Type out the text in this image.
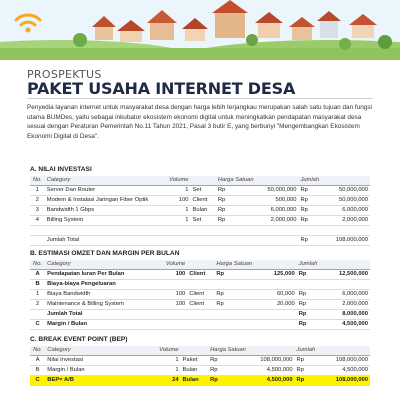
PROSPEKTUS
PAKET USAHA INTERNET DESA
Penyedia layanan internet untuk masyarakat desa dengan harga lebih terjangkau merupakan salah satu tujuan dan fungsi utama BUMDes, yaitu sebagai inkubator ekosistem ekonomi digital untuk meningkatkan pendapatan masyarakat desa sesuai dengan Peraturan Pemerintah No.11 Tahun 2021, Pasal 3 butir E, yang berbunyi "Mengembangkan Ekosistem Ekonomi Digital di Desa".
A. NILAI INVESTASI
No.	Category	Volume		Harga Satuan		Jumlah	
1	Server Dan Router	1	Set	Rp	50,000,000	Rp	50,000,000
2	Modem & Instalasi Jaringan Fiber Optik	100	Client	Rp	500,000	Rp	50,000,000
3	Bandwidth 1 Gbps	1	Bulan	Rp	6,000,000	Rp	6,000,000
4	Billing System	1	Set	Rp	2,000,000	Rp	2,000,000

	Jumlah Total					Rp	108,000,000
B. ESTIMASI OMZET DAN MARGIN PER BULAN
No.	Category	Volume		Harga Satuan		Jumlah	
A	Pendapatan Iuran Per Bulan	100	Client	Rp	125,000	Rp	12,500,000
B	Biaya-biaya Pengeluaran						
1	Biaya Bandwidth	100	Client	Rp	60,000	Rp	6,000,000
2	Maintenance & Billing System	100	Client	Rp	20,000	Rp	2,000,000
	Jumlah Total					Rp	8,000,000
C	Margin / Bulan					Rp	4,500,000
C. BREAK EVENT POINT (BEP)
No.	Category	Volume		Harga Satuan		Jumlah	
A	Nilai Investasi	1	Paket	Rp	108,000,000	Rp	108,000,000
B	Margin / Bulan	1	Bulan	Rp	4,500,000	Rp	4,500,000
C	BEP= A/B	24	Bulan	Rp	4,500,000	Rp	108,000,000
